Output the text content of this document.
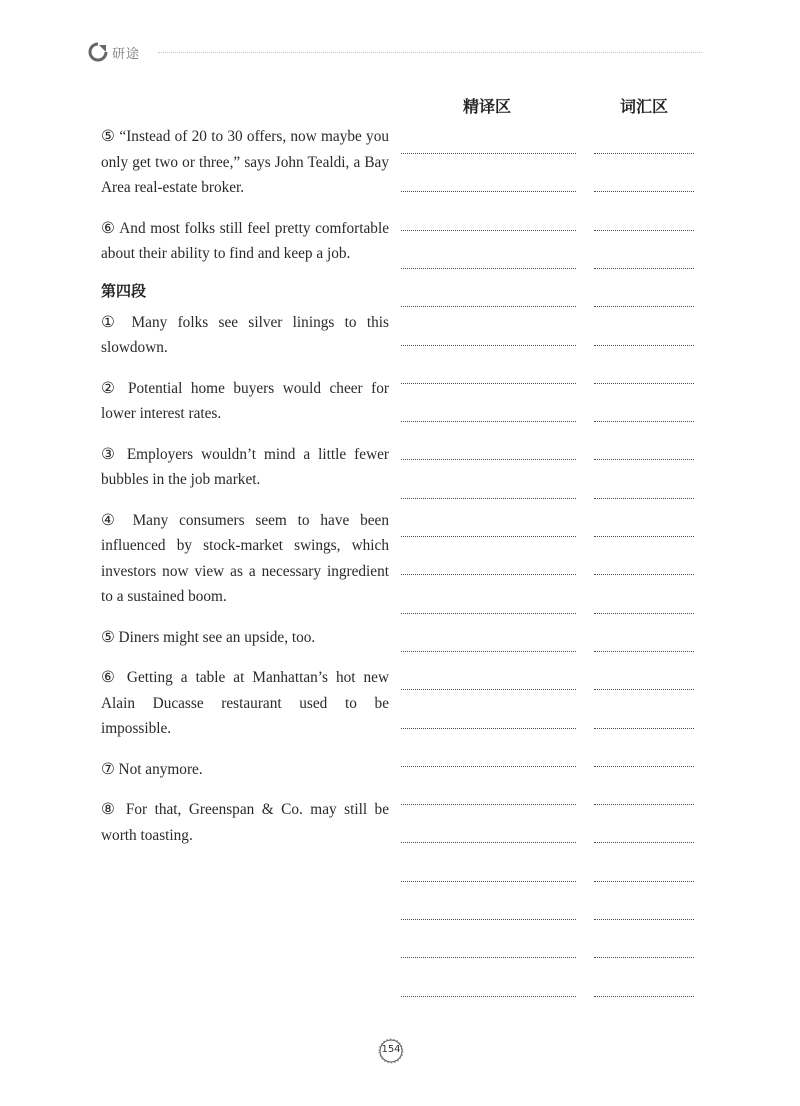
研途
精译区	词汇区

⑤ “Instead of 20 to 30 offers, now maybe you only get two or three,” says John Tealdi, a Bay Area real-estate broker.

⑥ And most folks still feel pretty comfortable about their ability to find and keep a job.

第四段

① Many folks see silver linings to this slowdown.

② Potential home buyers would cheer for lower interest rates.

③ Employers wouldn’t mind a little fewer bubbles in the job market.

④ Many consumers seem to have been influenced by stock-market swings, which investors now view as a necessary ingredient to a sustained boom.

⑤ Diners might see an upside, too.

⑥ Getting a table at Manhattan’s hot new Alain Ducasse restaurant used to be impossible.

⑦ Not anymore.

⑧ For that, Greenspan & Co. may still be worth toasting.

154
